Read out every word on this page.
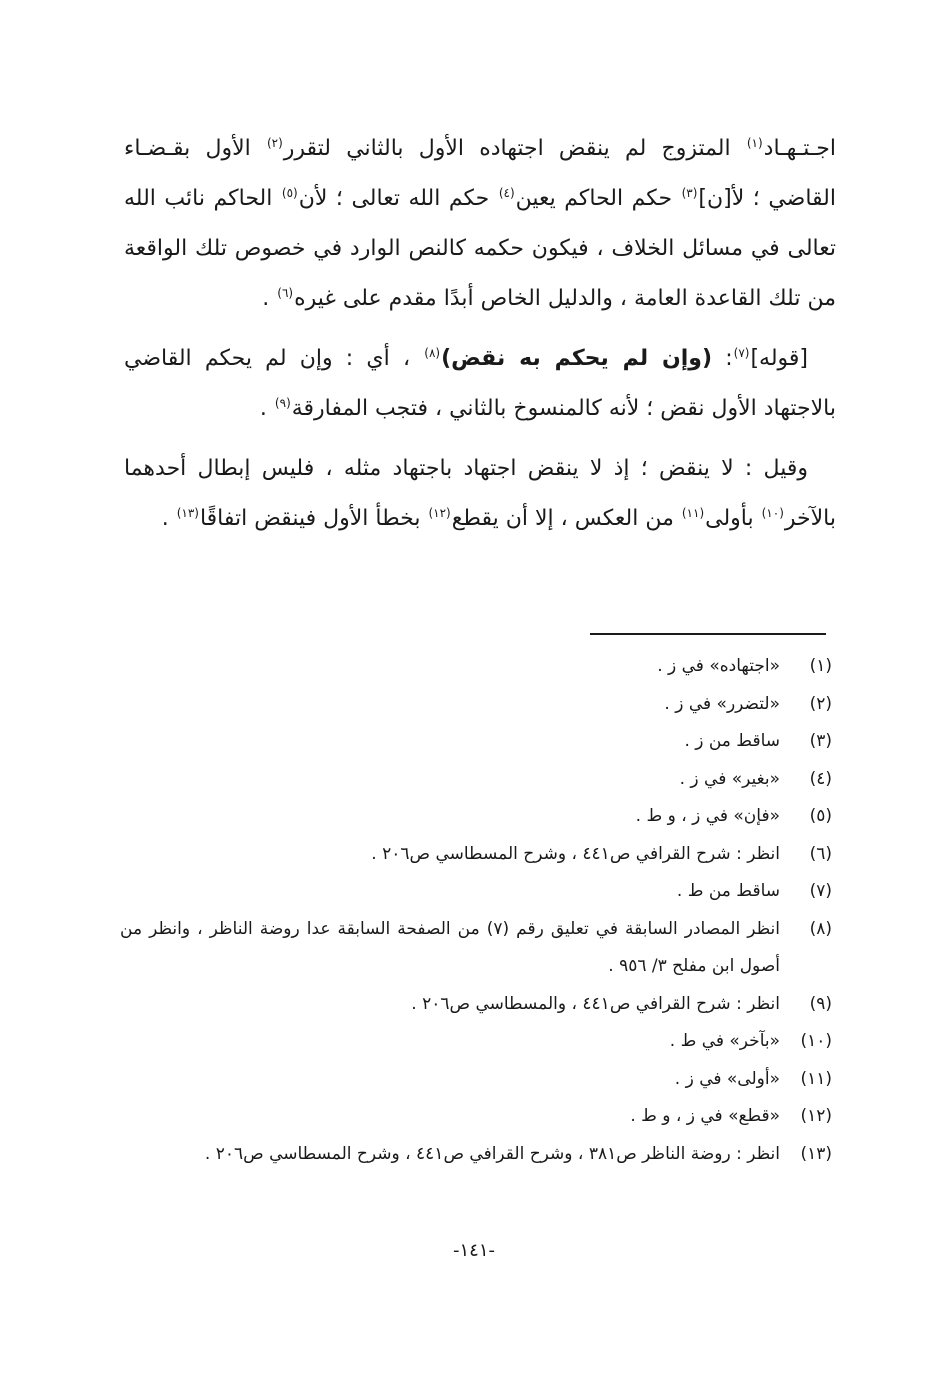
اجـتـهـاد$^{(١)}$ المتزوج لم ينقض اجتهاده الأول بالثاني لتقرر$^{(٢)}$ الأول بقـضـاء القاضي ؛ لأ[ن]$^{(٣)}$ حكم الحاكم يعين$^{(٤)}$ حكم الله تعالى ؛ لأن$^{(٥)}$ الحاكم نائب الله تعالى في مسائل الخلاف ، فيكون حكمه كالنص الوارد في خصوص تلك الواقعة من تلك القاعدة العامة ، والدليل الخاص أبدًا مقدم على غيره$^{(٦)}$ .

[قوله]$^{(٧)}$: (وإن لم يحكم به نقض)$^{(٨)}$ ، أي : وإن لم يحكم القاضي بالاجتهاد الأول نقض ؛ لأنه كالمنسوخ بالثاني ، فتجب المفارقة$^{(٩)}$ .

وقيل : لا ينقض ؛ إذ لا ينقض اجتهاد باجتهاد مثله ، فليس إبطال أحدهما بالآخر$^{(١٠)}$ بأولى$^{(١١)}$ من العكس ، إلا أن يقطع$^{(١٢)}$ بخطأ الأول فينقض اتفاقًا$^{(١٣)}$ .

(١)
«اجتهاده» في ز .
(٢)
«لتضرر» في ز .
(٣)
ساقط من ز .
(٤)
«بغير» في ز .
(٥)
«فإن» في ز ، و ط .
(٦)
انظر : شرح القرافي ص٤٤١ ، وشرح المسطاسي ص٢٠٦ .
(٧)
ساقط من ط .
(٨)
انظر المصادر السابقة في تعليق رقم (٧) من الصفحة السابقة عدا روضة الناظر ، وانظر من أصول ابن مفلح ٣/ ٩٥٦ .
(٩)
انظر : شرح القرافي ص٤٤١ ، والمسطاسي ص٢٠٦ .
(١٠)
«بآخر» في ط .
(١١)
«أولى» في ز .
(١٢)
«قطع» في ز ، و ط .
(١٣)
انظر : روضة الناظر ص٣٨١ ، وشرح القرافي ص٤٤١ ، وشرح المسطاسي ص٢٠٦ .
-١٤١-
